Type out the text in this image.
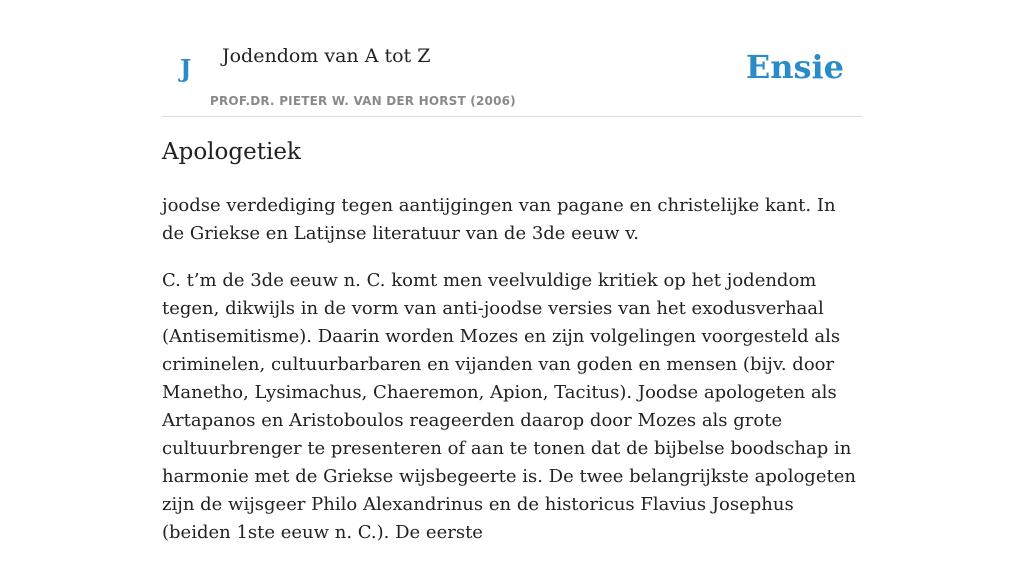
J Jodendom van A tot Z
PROF.DR. PIETER W. VAN DER HORST (2006)
Ensie
Apologetiek

joodse verdediging tegen aantijgingen van pagane en christelijke kant. In de Griekse en Latijnse literatuur van de 3de eeuw v.

C. t’m de 3de eeuw n. C. komt men veelvuldige kritiek op het jodendom tegen, dikwijls in de vorm van anti-joodse versies van het exodusverhaal (Antisemitisme). Daarin worden Mozes en zijn volgelingen voorgesteld als criminelen, cultuurbarbaren en vijanden van goden en mensen (bijv. door Manetho, Lysimachus, Chaeremon, Apion, Tacitus). Joodse apologeten als Artapanos en Aristoboulos reageerden daarop door Mozes als grote cultuurbrenger te presenteren of aan te tonen dat de bijbelse boodschap in harmonie met de Griekse wijsbegeerte is. De twee belangrijkste apologeten zijn de wijsgeer Philo Alexandrinus en de historicus Flavius Josephus (beiden 1ste eeuw n. C.). De eerste
